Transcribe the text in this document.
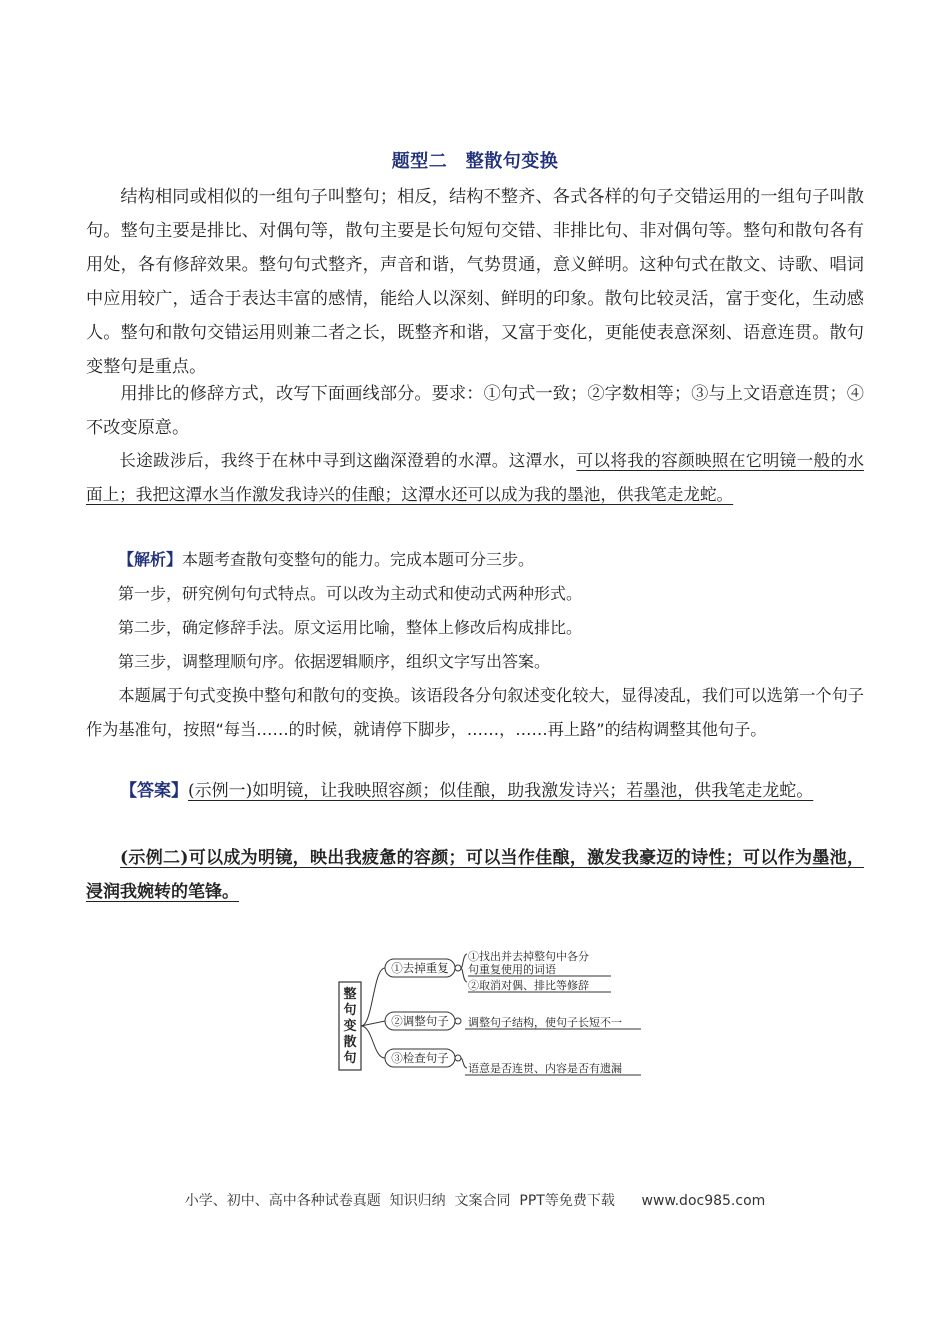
题型二　整散句变换

结构相同或相似的一组句子叫整句；相反，结构不整齐、各式各样的句子交错运用的一组句子叫散句。整句主要是排比、对偶句等，散句主要是长句短句交错、非排比句、非对偶句等。整句和散句各有用处，各有修辞效果。整句句式整齐，声音和谐，气势贯通，意义鲜明。这种句式在散文、诗歌、唱词中应用较广，适合于表达丰富的感情，能给人以深刻、鲜明的印象。散句比较灵活，富于变化，生动感人。整句和散句交错运用则兼二者之长，既整齐和谐，又富于变化，更能使表意深刻、语意连贯。散句变整句是重点。

用排比的修辞方式，改写下面画线部分。要求：①句式一致；②字数相等；③与上文语意连贯；④不改变原意。

长途跋涉后，我终于在林中寻到这幽深澄碧的水潭。这潭水，可以将我的容颜映照在它明镜一般的水面上；我把这潭水当作激发我诗兴的佳酿；这潭水还可以成为我的墨池，供我笔走龙蛇。

【解析】本题考查散句变整句的能力。完成本题可分三步。

第一步，研究例句句式特点。可以改为主动式和使动式两种形式。

第二步，确定修辞手法。原文运用比喻，整体上修改后构成排比。

第三步，调整理顺句序。依据逻辑顺序，组织文字写出答案。

本题属于句式变换中整句和散句的变换。该语段各分句叙述变化较大，显得凌乱，我们可以选第一个句子作为基准句，按照“每当……的时候，就请停下脚步，……，……再上路”的结构调整其他句子。

【答案】(示例一)如明镜，让我映照容颜；似佳酿，助我激发诗兴；若墨池，供我笔走龙蛇。

(示例二)可以成为明镜，映出我疲惫的容颜；可以当作佳酿，激发我豪迈的诗性；可以作为墨池，浸润我婉转的笔锋。

整
句
变
散
句
①去掉重复
①找出并去掉整句中各分
句重复使用的词语
②取消对偶、排比等修辞
②调整句子 调整句子结构，使句子长短不一
③检查句子
语意是否连贯、内容是否有遗漏
小学、初中、高中各种试卷真题  知识归纳  文案合同  PPT等免费下载      www.doc985.com
